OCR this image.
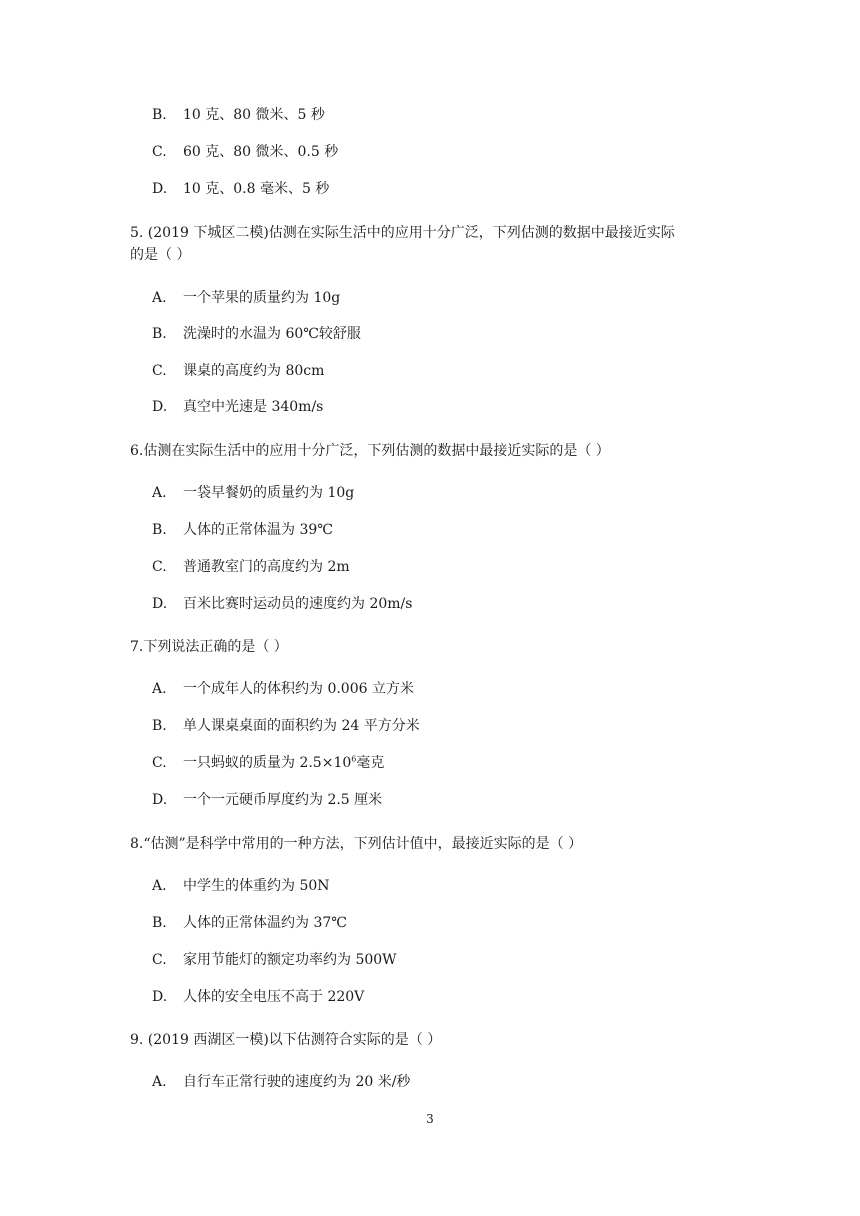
B. 10 克、80 微米、5 秒
C. 60 克、80 微米、0.5 秒
D. 10 克、0.8 毫米、5 秒
5. (2019 下城区二模)估测在实际生活中的应用十分广泛，下列估测的数据中最接近实际
的是（ ）
A. 一个苹果的质量约为 10g
B. 洗澡时的水温为 60℃较舒服
C. 课桌的高度约为 80cm
D. 真空中光速是 340m/s
6.估测在实际生活中的应用十分广泛，下列估测的数据中最接近实际的是（ ）
A. 一袋早餐奶的质量约为 10g
B. 人体的正常体温为 39℃
C. 普通教室门的高度约为 2m
D. 百米比赛时运动员的速度约为 20m/s
7.下列说法正确的是（ ）
A. 一个成年人的体积约为 0.006 立方米
B. 单人课桌桌面的面积约为 24 平方分米
C. 一只蚂蚁的质量为 $2.5\times 10^6$毫克
D. 一个一元硬币厚度约为 2.5 厘米
8.“估测”是科学中常用的一种方法，下列估计值中，最接近实际的是（ ）
A. 中学生的体重约为 50N
B. 人体的正常体温约为 37℃
C. 家用节能灯的额定功率约为 500W
D. 人体的安全电压不高于 220V
9. (2019 西湖区一模)以下估测符合实际的是（ ）
A. 自行车正常行驶的速度约为 20 米/秒
3
